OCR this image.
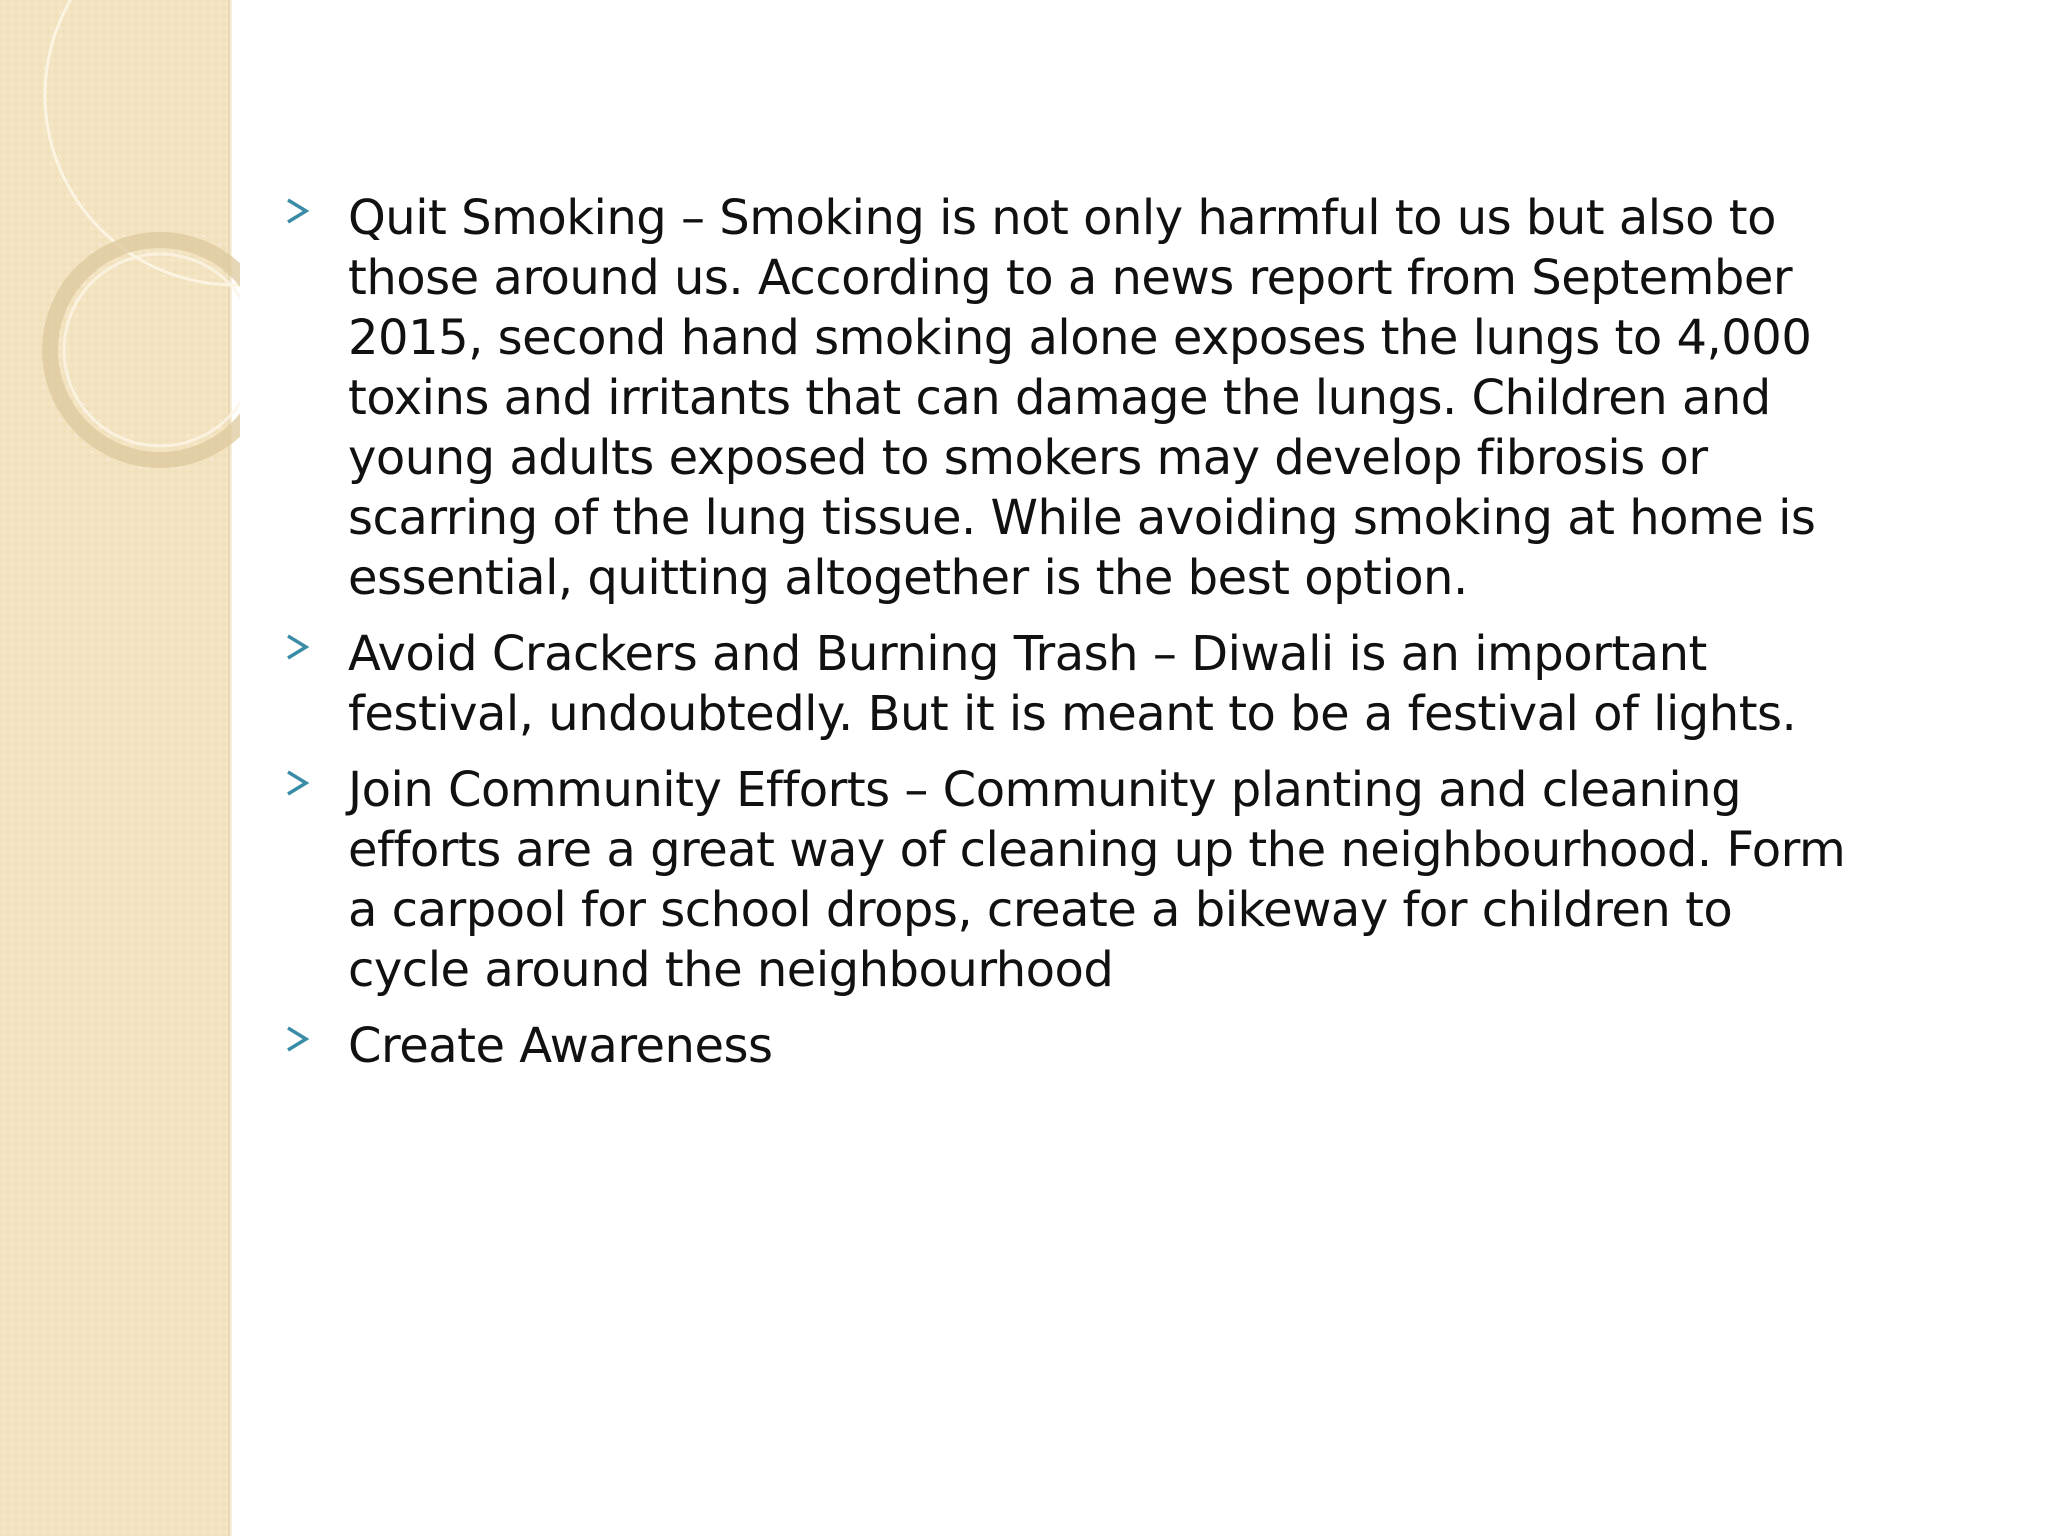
Quit Smoking – Smoking is not only harmful to us but also to those around us. According to a news report from September 2015, second hand smoking alone exposes the lungs to 4,000 toxins and irritants that can damage the lungs. Children and young adults exposed to smokers may develop fibrosis or scarring of the lung tissue. While avoiding smoking at home is essential, quitting altogether is the best option.
Avoid Crackers and Burning Trash – Diwali is an important festival, undoubtedly. But it is meant to be a festival of lights.
Join Community Efforts – Community planting and cleaning efforts are a great way of cleaning up the neighbourhood. Form a carpool for school drops, create a bikeway for children to cycle around the neighbourhood
Create Awareness
